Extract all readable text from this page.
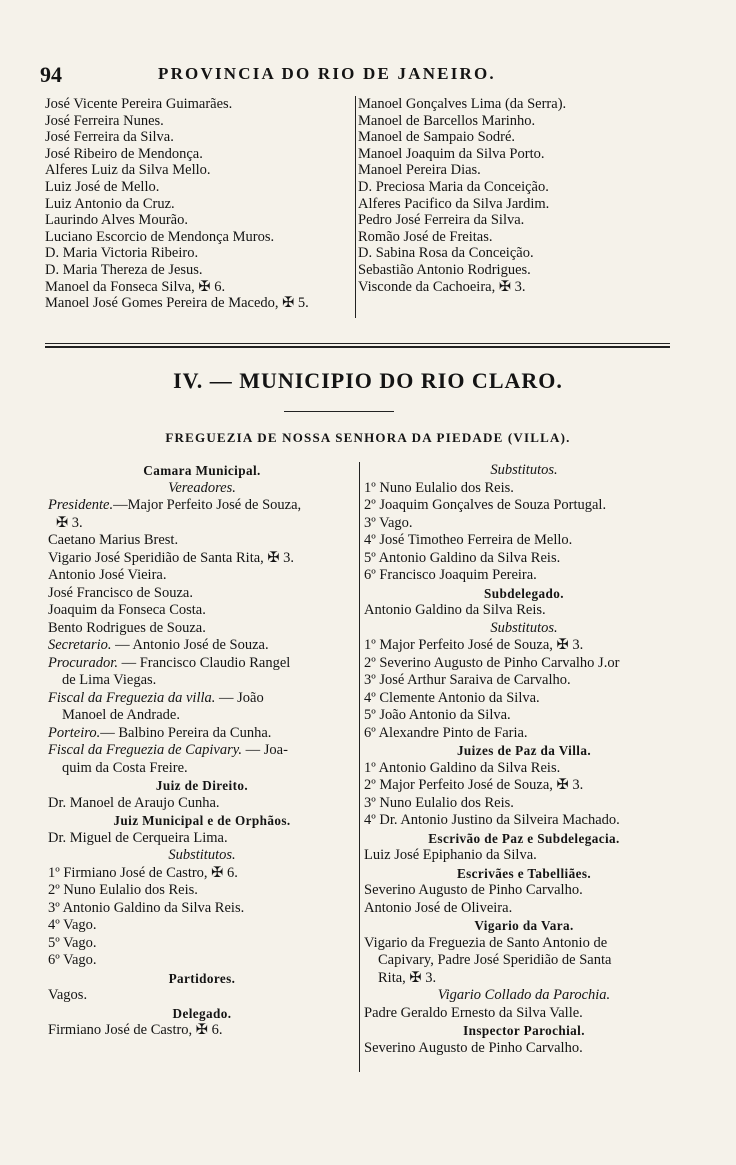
94	PROVINCIA DO RIO DE JANEIRO.
José Vicente Pereira Guimarães.
José Ferreira Nunes.
José Ferreira da Silva.
José Ribeiro de Mendonça.
Alferes Luiz da Silva Mello.
Luiz José de Mello.
Luiz Antonio da Cruz.
Laurindo Alves Mourão.
Luciano Escorcio de Mendonça Muros.
D. Maria Victoria Ribeiro.
D. Maria Thereza de Jesus.
Manoel da Fonseca Silva, ✠ 6.
Manoel José Gomes Pereira de Macedo, ✠ 5.
Manoel Gonçalves Lima (da Serra).
Manoel de Barcellos Marinho.
Manoel de Sampaio Sodré.
Manoel Joaquim da Silva Porto.
Manoel Pereira Dias.
D. Preciosa Maria da Conceição.
Alferes Pacifico da Silva Jardim.
Pedro José Ferreira da Silva.
Romão José de Freitas.
D. Sabina Rosa da Conceição.
Sebastião Antonio Rodrigues.
Visconde da Cachoeira, ✠ 3.
IV. — MUNICIPIO DO RIO CLARO.
FREGUEZIA DE NOSSA SENHORA DA PIEDADE (VILLA).
Camara Municipal.
Vereadores.
Presidente.—Major Perfeito José de Souza,
✠ 3.
Caetano Marius Brest.
Vigario José Speridião de Santa Rita, ✠ 3.
Antonio José Vieira.
José Francisco de Souza.
Joaquim da Fonseca Costa.
Bento Rodrigues de Souza.
Secretario. — Antonio José de Souza.
Procurador. — Francisco Claudio Rangel
de Lima Viegas.
Fiscal da Freguezia da villa. — João
Manoel de Andrade.
Porteiro.— Balbino Pereira da Cunha.
Fiscal da Freguezia de Capivary. — Joa-
quim da Costa Freire.
Juiz de Direito.
Dr. Manoel de Araujo Cunha.
Juiz Municipal e de Orphãos.
Dr. Miguel de Cerqueira Lima.
Substitutos.
1º Firmiano José de Castro, ✠ 6.
2º Nuno Eulalio dos Reis.
3º Antonio Galdino da Silva Reis.
4º Vago.
5º Vago.
6º Vago.
Partidores.
Vagos.
Delegado.
Firmiano José de Castro, ✠ 6.
Substitutos.
1º Nuno Eulalio dos Reis.
2º Joaquim Gonçalves de Souza Portugal.
3º Vago.
4º José Timotheo Ferreira de Mello.
5º Antonio Galdino da Silva Reis.
6º Francisco Joaquim Pereira.
Subdelegado.
Antonio Galdino da Silva Reis.
Substitutos.
1º Major Perfeito José de Souza, ✠ 3.
2º Severino Augusto de Pinho Carvalho J.or
3º José Arthur Saraiva de Carvalho.
4º Clemente Antonio da Silva.
5º João Antonio da Silva.
6º Alexandre Pinto de Faria.
Juizes de Paz da Villa.
1º Antonio Galdino da Silva Reis.
2º Major Perfeito José de Souza, ✠ 3.
3º Nuno Eulalio dos Reis.
4º Dr. Antonio Justino da Silveira Machado.
Escrivão de Paz e Subdelegacia.
Luiz José Epiphanio da Silva.
Escrivães e Tabelliães.
Severino Augusto de Pinho Carvalho.
Antonio José de Oliveira.
Vigario da Vara.
Vigario da Freguezia de Santo Antonio de
Capivary, Padre José Speridião de Santa
Rita, ✠ 3.
Vigario Collado da Parochia.
Padre Geraldo Ernesto da Silva Valle.
Inspector Parochial.
Severino Augusto de Pinho Carvalho.
